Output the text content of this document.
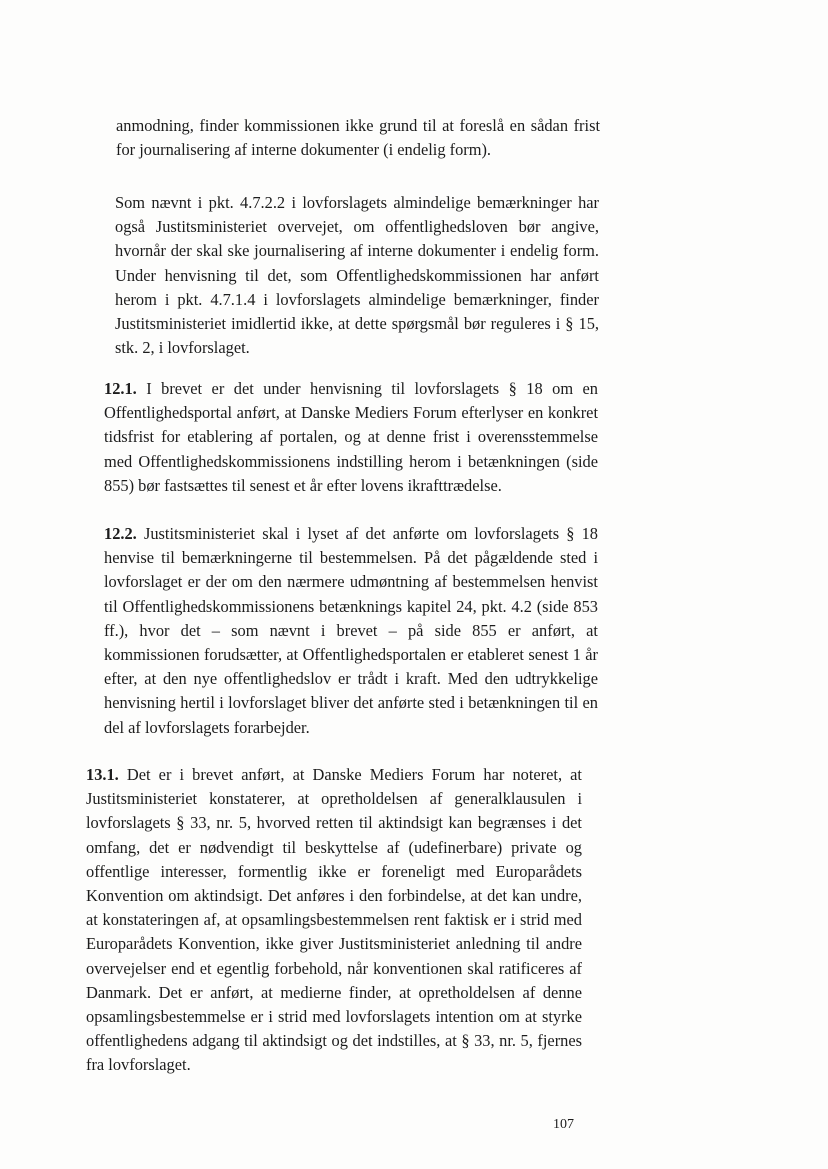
anmodning, finder kommissionen ikke grund til at foreslå en sådan frist for journalisering af interne dokumenter (i endelig form).

Som nævnt i pkt. 4.7.2.2 i lovforslagets almindelige bemærkninger har også Justitsministeriet overvejet, om offentlighedsloven bør angive, hvornår der skal ske journalisering af interne dokumenter i endelig form. Under henvisning til det, som Offentlighedskommissionen har anført herom i pkt. 4.7.1.4 i lovforslagets almindelige bemærkninger, finder Justitsministeriet imidlertid ikke, at dette spørgsmål bør reguleres i § 15, stk. 2, i lovforslaget.

12.1. I brevet er det under henvisning til lovforslagets § 18 om en Offentlighedsportal anført, at Danske Mediers Forum efterlyser en konkret tidsfrist for etablering af portalen, og at denne frist i overensstemmelse med Offentlighedskommissionens indstilling herom i betænkningen (side 855) bør fastsættes til senest et år efter lovens ikrafttrædelse.

12.2. Justitsministeriet skal i lyset af det anførte om lovforslagets § 18 henvise til bemærkningerne til bestemmelsen. På det pågældende sted i lovforslaget er der om den nærmere udmøntning af bestemmelsen henvist til Offentlighedskommissionens betænknings kapitel 24, pkt. 4.2 (side 853 ff.), hvor det – som nævnt i brevet – på side 855 er anført, at kommissionen forudsætter, at Offentlighedsportalen er etableret senest 1 år efter, at den nye offentlighedslov er trådt i kraft. Med den udtrykkelige henvisning hertil i lovforslaget bliver det anførte sted i betænkningen til en del af lovforslagets forarbejder.

13.1. Det er i brevet anført, at Danske Mediers Forum har noteret, at Justitsministeriet konstaterer, at opretholdelsen af generalklausulen i lovforslagets § 33, nr. 5, hvorved retten til aktindsigt kan begrænses i det omfang, det er nødvendigt til beskyttelse af (udefinerbare) private og offentlige interesser, formentlig ikke er foreneligt med Europarådets Konvention om aktindsigt. Det anføres i den forbindelse, at det kan undre, at konstateringen af, at opsamlingsbestemmelsen rent faktisk er i strid med Europarådets Konvention, ikke giver Justitsministeriet anledning til andre overvejelser end et egentlig forbehold, når konventionen skal ratificeres af Danmark. Det er anført, at medierne finder, at opretholdelsen af denne opsamlingsbestemmelse er i strid med lovforslagets intention om at styrke offentlighedens adgang til aktindsigt og det indstilles, at § 33, nr. 5, fjernes fra lovforslaget.

107
